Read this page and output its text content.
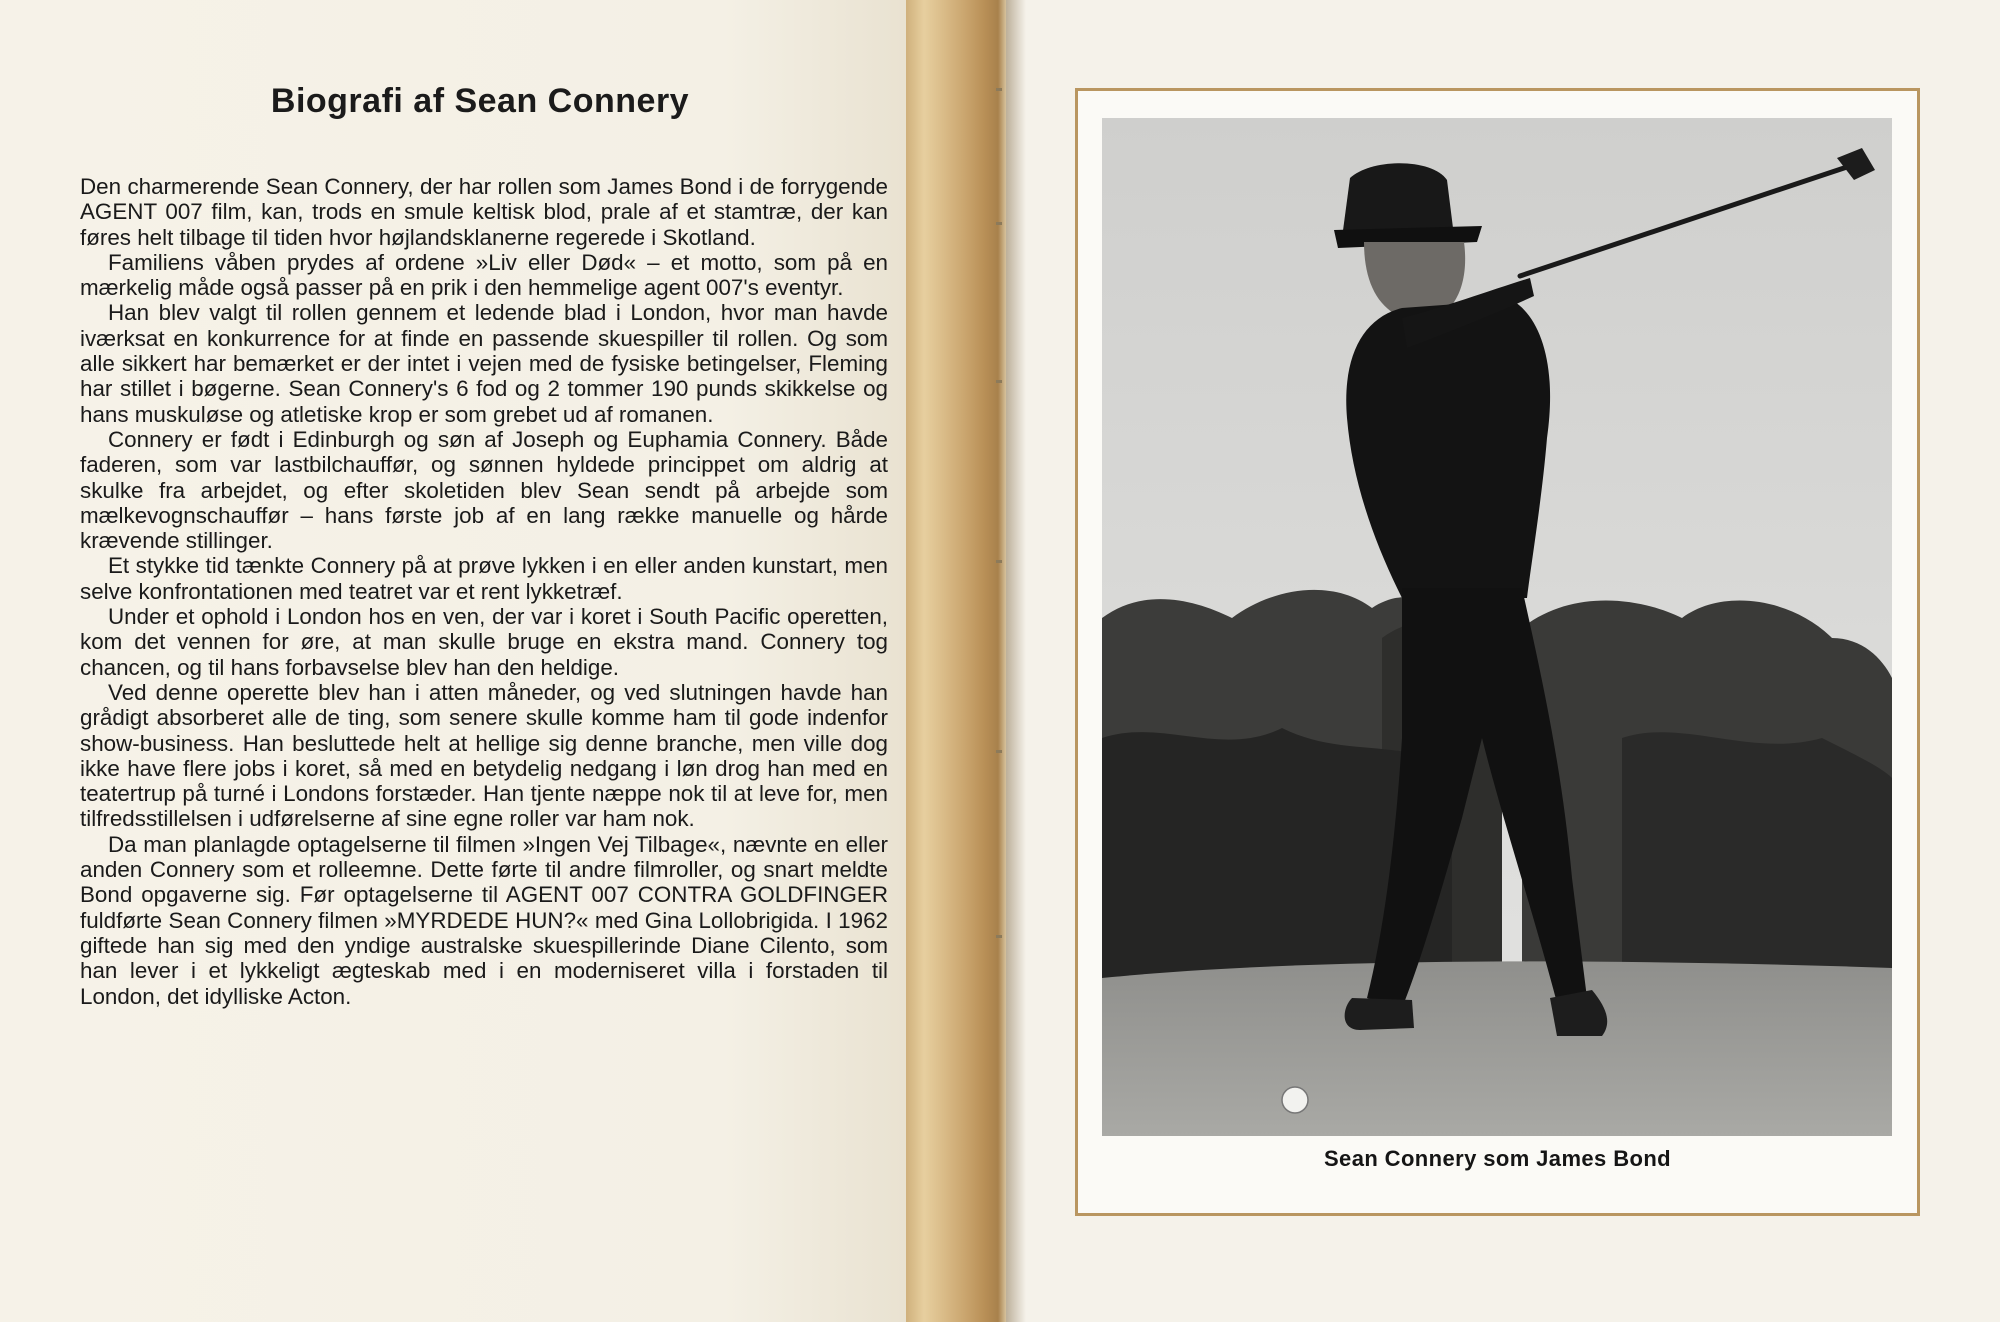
Biografi af Sean Connery

Den charmerende Sean Connery, der har rollen som James Bond i de forrygende AGENT 007 film, kan, trods en smule keltisk blod, prale af et stamtræ, der kan føres helt tilbage til tiden hvor højlandsklanerne regerede i Skotland.

Familiens våben prydes af ordene »Liv eller Død« – et motto, som på en mærkelig måde også passer på en prik i den hemmelige agent 007's eventyr.

Han blev valgt til rollen gennem et ledende blad i London, hvor man havde iværksat en konkurrence for at finde en passende skuespiller til rollen. Og som alle sikkert har bemærket er der intet i vejen med de fysiske betingelser, Fleming har stillet i bøgerne. Sean Connery's 6 fod og 2 tommer 190 punds skikkelse og hans muskuløse og atletiske krop er som grebet ud af romanen.

Connery er født i Edinburgh og søn af Joseph og Euphamia Connery. Både faderen, som var lastbilchauffør, og sønnen hyldede princippet om aldrig at skulke fra arbejdet, og efter skoletiden blev Sean sendt på arbejde som mælkevognschauffør – hans første job af en lang række manuelle og hårde krævende stillinger.

Et stykke tid tænkte Connery på at prøve lykken i en eller anden kunstart, men selve konfrontationen med teatret var et rent lykketræf.

Under et ophold i London hos en ven, der var i koret i South Pacific operetten, kom det vennen for øre, at man skulle bruge en ekstra mand. Connery tog chancen, og til hans forbavselse blev han den heldige.

Ved denne operette blev han i atten måneder, og ved slutningen havde han grådigt absorberet alle de ting, som senere skulle komme ham til gode indenfor show-business. Han besluttede helt at hellige sig denne branche, men ville dog ikke have flere jobs i koret, så med en betydelig nedgang i løn drog han med en teatertrup på turné i Londons forstæder. Han tjente næppe nok til at leve for, men tilfredsstillelsen i udførelserne af sine egne roller var ham nok.

Da man planlagde optagelserne til filmen »Ingen Vej Tilbage«, nævnte en eller anden Connery som et rolleemne. Dette førte til andre filmroller, og snart meldte Bond opgaverne sig. Før optagelserne til AGENT 007 CONTRA GOLDFINGER fuldførte Sean Connery filmen »MYRDEDE HUN?« med Gina Lollobrigida. I 1962 giftede han sig med den yndige australske skuespillerinde Diane Cilento, som han lever i et lykkeligt ægteskab med i en moderniseret villa i forstaden til London, det idylliske Acton.

Sean Connery som James Bond
